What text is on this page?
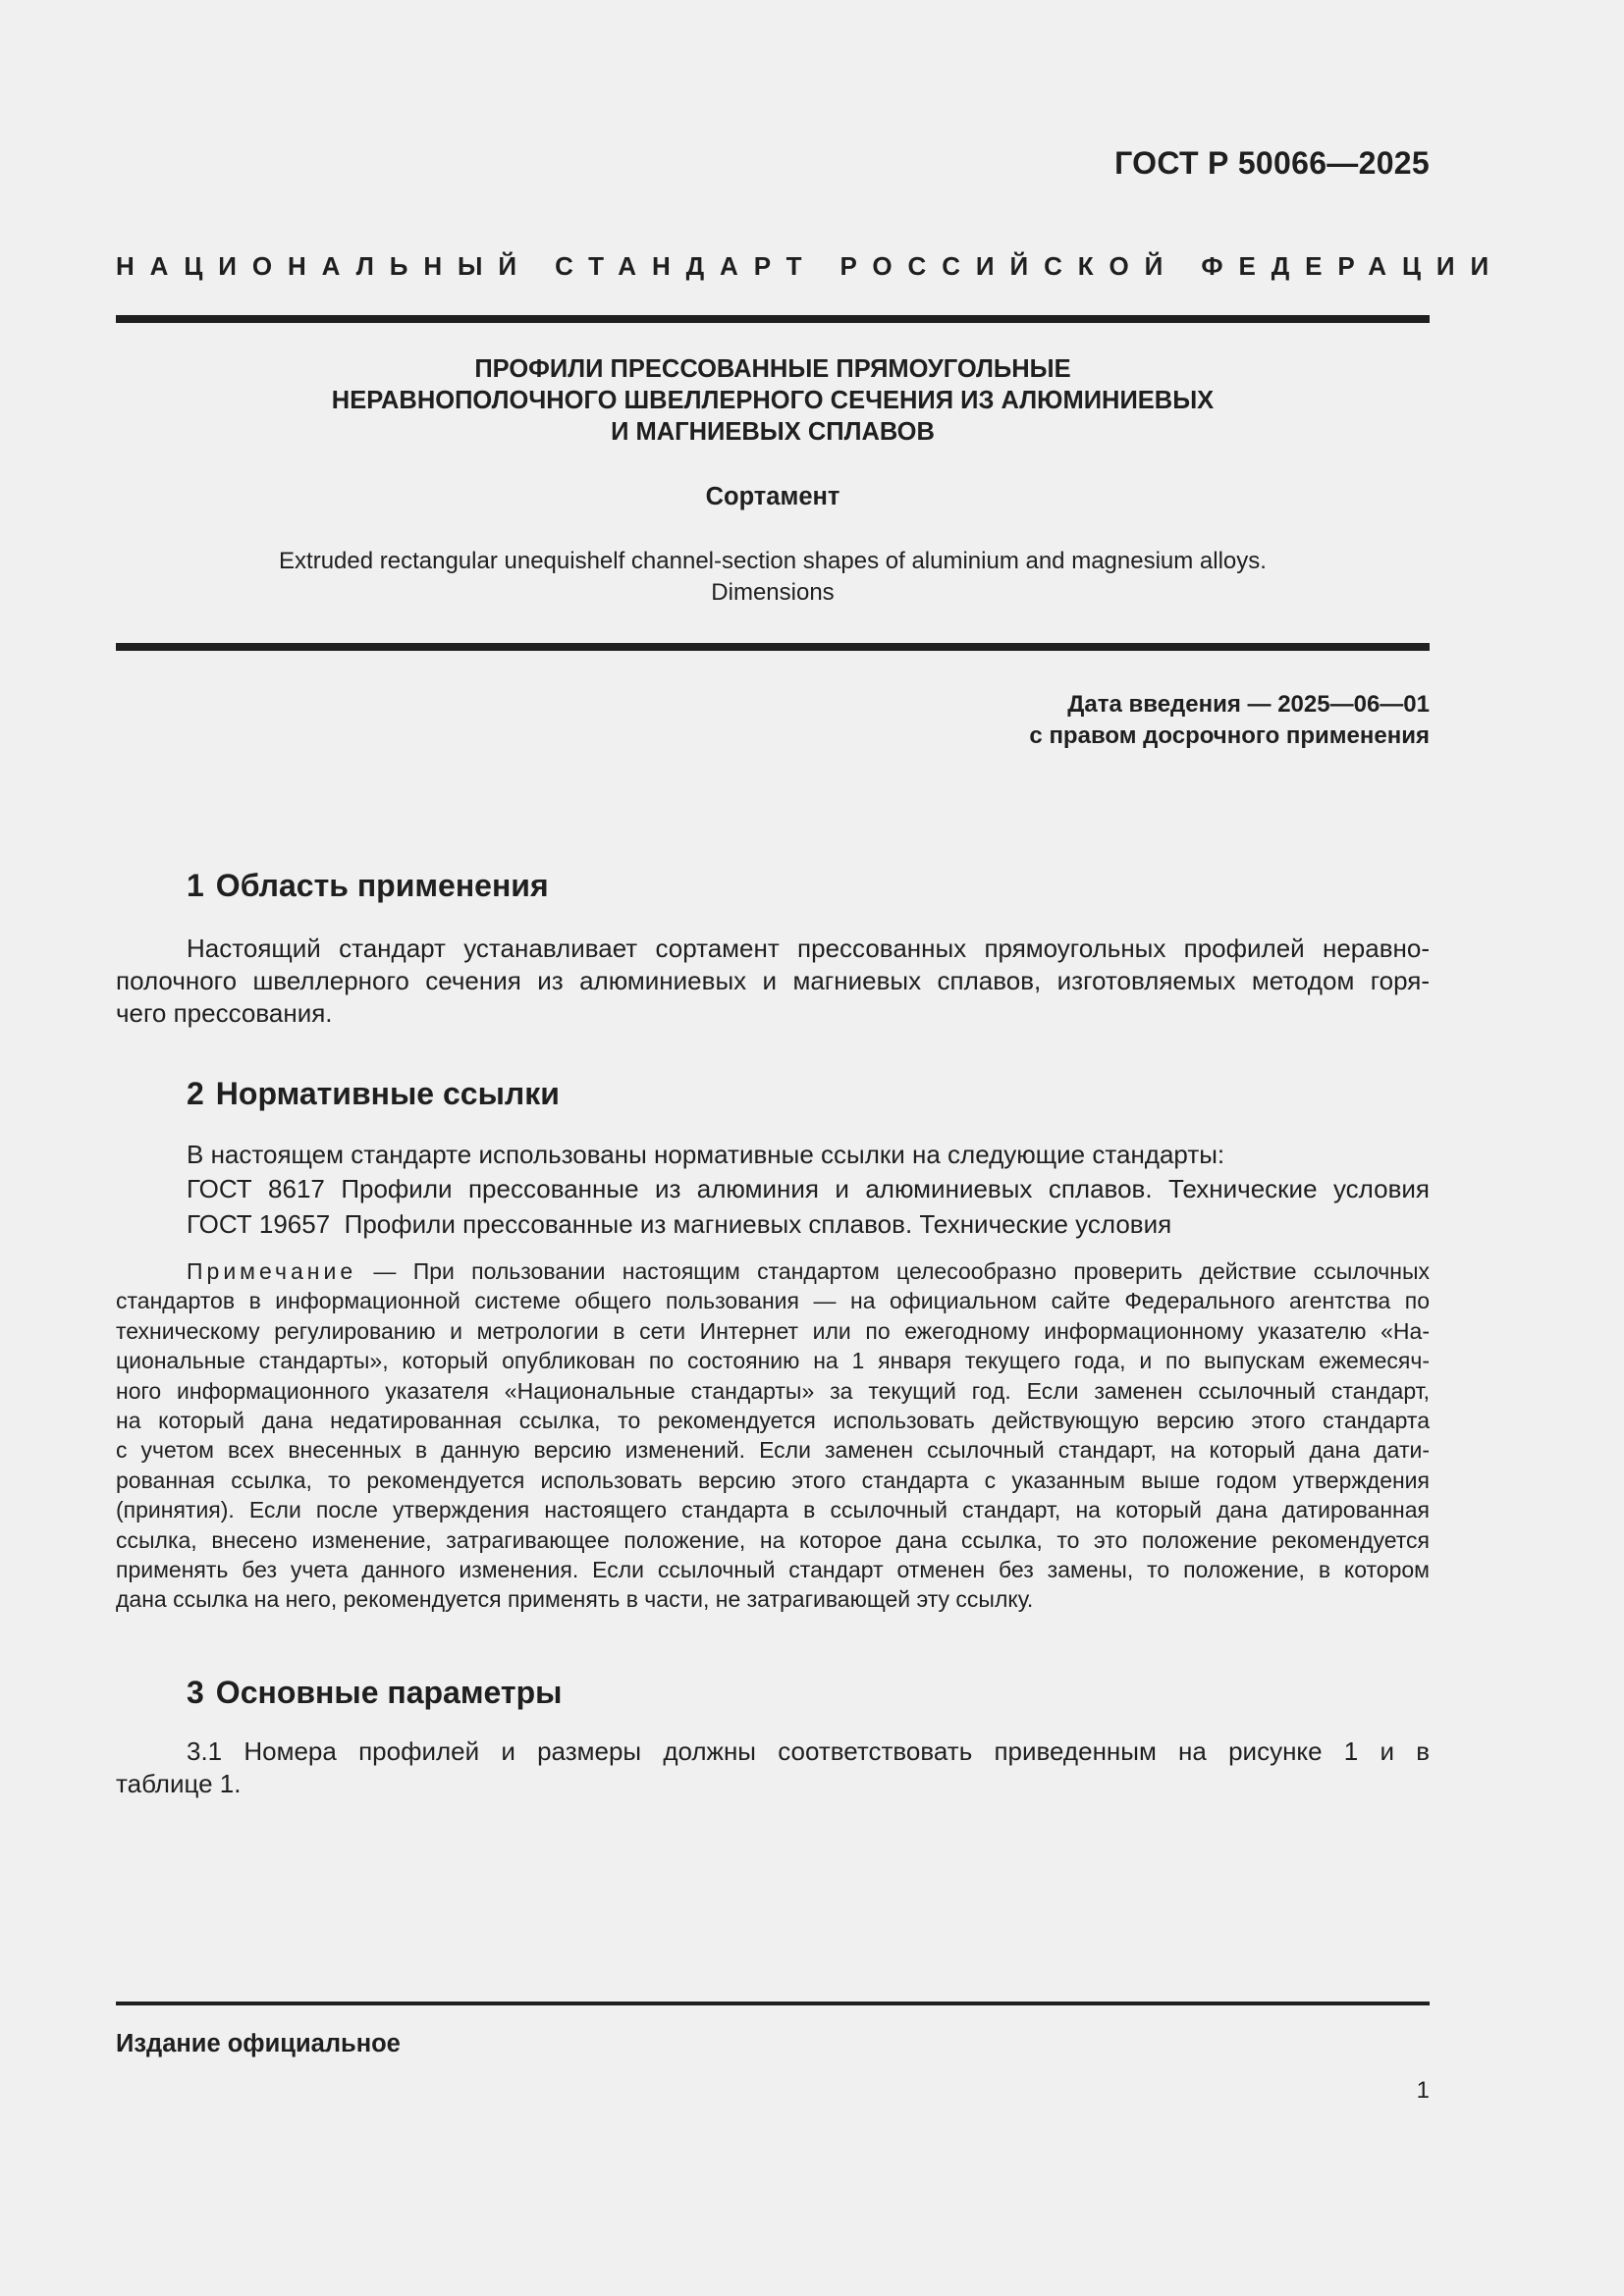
ГОСТ Р 50066—2025
НАЦИОНАЛЬНЫЙ СТАНДАРТ РОССИЙСКОЙ ФЕДЕРАЦИИ
ПРОФИЛИ ПРЕССОВАННЫЕ ПРЯМОУГОЛЬНЫЕ
НЕРАВНОПОЛОЧНОГО ШВЕЛЛЕРНОГО СЕЧЕНИЯ ИЗ АЛЮМИНИЕВЫХ
И МАГНИЕВЫХ СПЛАВОВ
Сортамент
Extruded rectangular unequishelf channel-section shapes of aluminium and magnesium alloys.
Dimensions
Дата введения — 2025—06—01
с правом досрочного применения
1 Область применения
Настоящий стандарт устанавливает сортамент прессованных прямоугольных профилей неравно-
полочного швеллерного сечения из алюминиевых и магниевых сплавов, изготовляемых методом горя-
чего прессования.
2 Нормативные ссылки
В настоящем стандарте использованы нормативные ссылки на следующие стандарты:
ГОСТ 8617 Профили прессованные из алюминия и алюминиевых сплавов. Технические условия
ГОСТ 19657 Профили прессованные из магниевых сплавов. Технические условия
Примечание — При пользовании настоящим стандартом целесообразно проверить действие ссылочных
стандартов в информационной системе общего пользования — на официальном сайте Федерального агентства по
техническому регулированию и метрологии в сети Интернет или по ежегодному информационному указателю «На-
циональные стандарты», который опубликован по состоянию на 1 января текущего года, и по выпускам ежемесяч-
ного информационного указателя «Национальные стандарты» за текущий год. Если заменен ссылочный стандарт,
на который дана недатированная ссылка, то рекомендуется использовать действующую версию этого стандарта
с учетом всех внесенных в данную версию изменений. Если заменен ссылочный стандарт, на который дана дати-
рованная ссылка, то рекомендуется использовать версию этого стандарта с указанным выше годом утверждения
(принятия). Если после утверждения настоящего стандарта в ссылочный стандарт, на который дана датированная
ссылка, внесено изменение, затрагивающее положение, на которое дана ссылка, то это положение рекомендуется
применять без учета данного изменения. Если ссылочный стандарт отменен без замены, то положение, в котором
дана ссылка на него, рекомендуется применять в части, не затрагивающей эту ссылку.
3 Основные параметры
3.1 Номера профилей и размеры должны соответствовать приведенным на рисунке 1 и в
таблице 1.
Издание официальное
1
